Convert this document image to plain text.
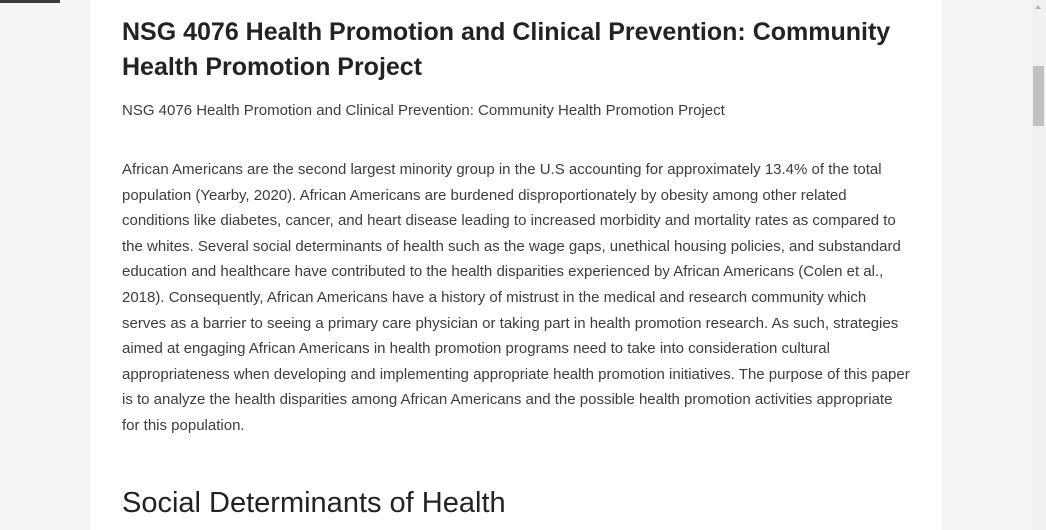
NSG 4076 Health Promotion and Clinical Prevention: Community Health Promotion Project

NSG 4076 Health Promotion and Clinical Prevention: Community Health Promotion Project

African Americans are the second largest minority group in the U.S accounting for approximately 13.4% of the total population (Yearby, 2020). African Americans are burdened disproportionately by obesity among other related conditions like diabetes, cancer, and heart disease leading to increased morbidity and mortality rates as compared to the whites. Several social determinants of health such as the wage gaps, unethical housing policies, and substandard education and healthcare have contributed to the health disparities experienced by African Americans (Colen et al., 2018). Consequently, African Americans have a history of mistrust in the medical and research community which serves as a barrier to seeing a primary care physician or taking part in health promotion research. As such, strategies aimed at engaging African Americans in health promotion programs need to take into consideration cultural appropriateness when developing and implementing appropriate health promotion initiatives. The purpose of this paper is to analyze the health disparities among African Americans and the possible health promotion activities appropriate for this population.

Social Determinants of Health
